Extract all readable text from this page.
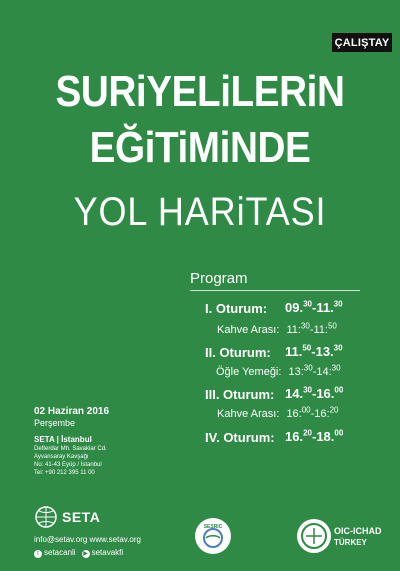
ÇALIŞTAY
SURiYELiLERiN
EĞiTiMiNDE
YOL HARiTASI
Program
I. Oturum: 09.30-11.30
Kahve Arası: 11:$^{30}$-11:$^{50}$
II. Oturum: 11.50-13.30
Öğle Yemeği: 13:$^{30}$-14:$^{30}$
III. Oturum: 14.30-16.00
Kahve Arası: 16:$^{00}$-16:$^{20}$
IV. Oturum: 16.20-18.00
02 Haziran 2016
Perşembe
SETA | İstanbul
Defterdar Mh. Savaklar Cd.
Ayvansaray Kavşağı
No: 41-43 Eyüp / İstanbul
Tel: +90 212 395 11 00
SETA
info@setav.org www.setav.org
t setacanli ▶ setavakfi
SESRIC	OIC-ICHAD
TÜRKEY
